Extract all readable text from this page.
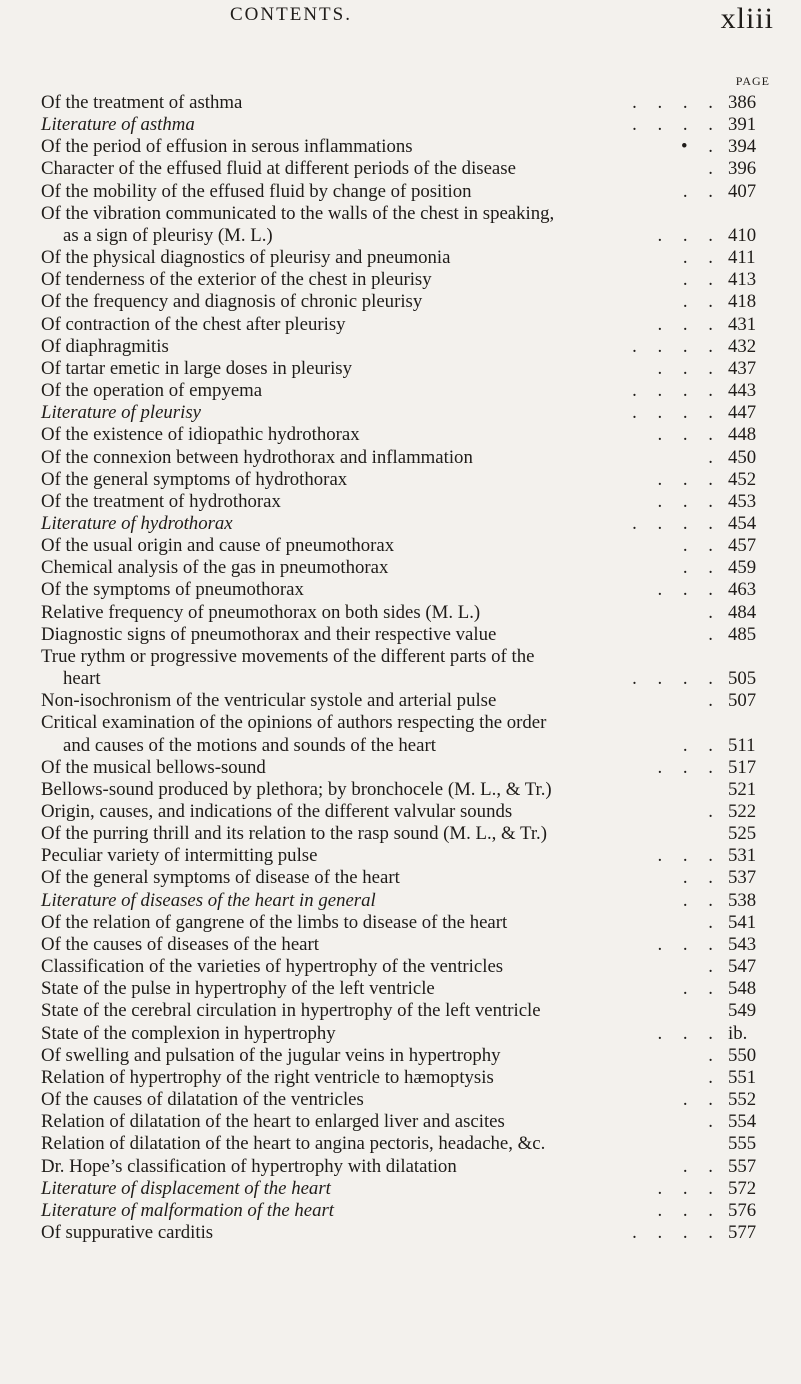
CONTENTS.	xliii
PAGE
Of the treatment of asthma	. . . . 386
Literature of asthma	. . . . 391
Of the period of effusion in serous inflammations	• . 394
Character of the effused fluid at different periods of the disease	. 396
Of the mobility of the effused fluid by change of position	. . 407
Of the vibration communicated to the walls of the chest in speaking,
as a sign of pleurisy (M. L.)	. . . 410
Of the physical diagnostics of pleurisy and pneumonia	. . 411
Of tenderness of the exterior of the chest in pleurisy	. . 413
Of the frequency and diagnosis of chronic pleurisy	. . 418
Of contraction of the chest after pleurisy	. . . 431
Of diaphragmitis	. . . . 432
Of tartar emetic in large doses in pleurisy	. . . 437
Of the operation of empyema	. . . . 443
Literature of pleurisy	. . . . 447
Of the existence of idiopathic hydrothorax	. . . 448
Of the connexion between hydrothorax and inflammation	. 450
Of the general symptoms of hydrothorax	. . . 452
Of the treatment of hydrothorax	. . . 453
Literature of hydrothorax	. . . . 454
Of the usual origin and cause of pneumothorax	. . 457
Chemical analysis of the gas in pneumothorax	. . 459
Of the symptoms of pneumothorax	. . . 463
Relative frequency of pneumothorax on both sides (M. L.)	. 484
Diagnostic signs of pneumothorax and their respective value	. 485
True rythm or progressive movements of the different parts of the
heart	. . . . 505
Non-isochronism of the ventricular systole and arterial pulse	. 507
Critical examination of the opinions of authors respecting the order
and causes of the motions and sounds of the heart	. . 511
Of the musical bellows-sound	. . . 517
Bellows-sound produced by plethora; by bronchocele (M. L., & Tr.)	521
Origin, causes, and indications of the different valvular sounds	. 522
Of the purring thrill and its relation to the rasp sound (M. L., & Tr.)	525
Peculiar variety of intermitting pulse	. . . 531
Of the general symptoms of disease of the heart	. . 537
Literature of diseases of the heart in general	. . 538
Of the relation of gangrene of the limbs to disease of the heart	. 541
Of the causes of diseases of the heart	. . . 543
Classification of the varieties of hypertrophy of the ventricles	. 547
State of the pulse in hypertrophy of the left ventricle	. . 548
State of the cerebral circulation in hypertrophy of the left ventricle	549
State of the complexion in hypertrophy	. . . ib.
Of swelling and pulsation of the jugular veins in hypertrophy	. 550
Relation of hypertrophy of the right ventricle to hæmoptysis	. 551
Of the causes of dilatation of the ventricles	. . 552
Relation of dilatation of the heart to enlarged liver and ascites	. 554
Relation of dilatation of the heart to angina pectoris, headache, &c.	555
Dr. Hope’s classification of hypertrophy with dilatation	. . 557
Literature of displacement of the heart	. . . 572
Literature of malformation of the heart	. . . 576
Of suppurative carditis	. . . . 577
